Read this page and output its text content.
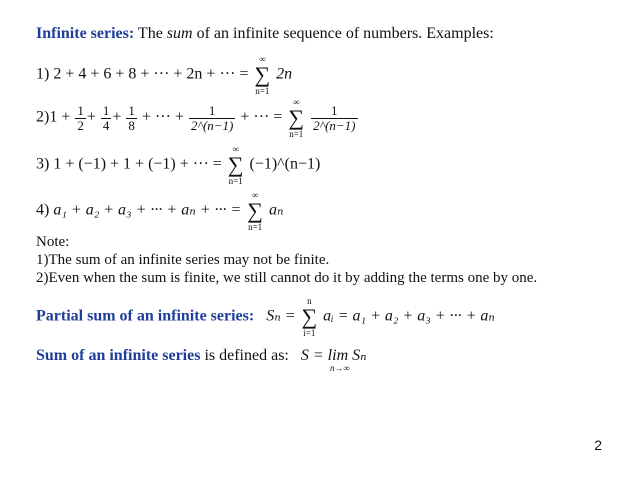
Infinite series: The sum of an infinite sequence of numbers. Examples:
1) 2 + 4 + 6 + 8 + ··· + 2n + ··· =
∞
∑
n=1
2n
$2)1 + \frac{1}{2} + \frac{1}{4} + \frac{1}{8}$ + ··· + $\frac{1}{2\^{}(n-1)}$ + ··· =
∞
∑
n=1

$\frac{1}{2\^{}(n-1)}$
3) 1 + (−1) + 1 + (−1) + ··· =
∞
∑
n=1
(−1)^(n−1)
4) a₁ + a₂ + a₃ + ··· + aₙ + ··· =
∞
∑
n=1
aₙ
Note:
1)The sum of an infinite series may not be finite.
2)Even when the sum is finite, we still cannot do it by adding the terms one by one.
Partial sum of an infinite series: Sₙ =
n
∑
i=1
aᵢ = a₁ + a₂ + a₃ + ··· + aₙ
Sum of an infinite series is defined as: S = lim Sₙ
n→∞
2
